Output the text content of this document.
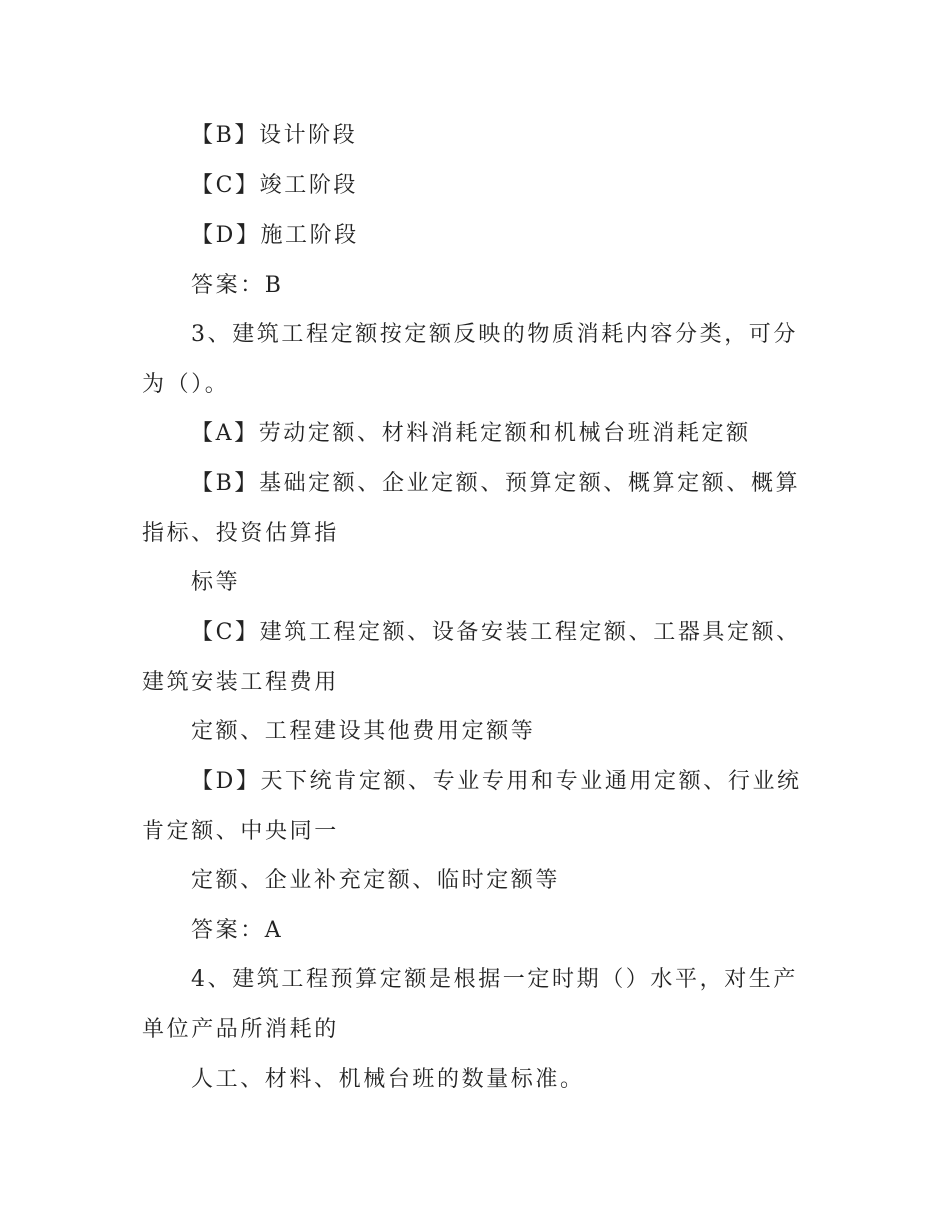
【B】设计阶段
【C】竣工阶段
【D】施工阶段
答案：B
3、建筑工程定额按定额反映的物质消耗内容分类，可分
为（）。
【A】劳动定额、材料消耗定额和机械台班消耗定额
【B】基础定额、企业定额、预算定额、概算定额、概算
指标、投资估算指
标等
【C】建筑工程定额、设备安装工程定额、工器具定额、
建筑安装工程费用
定额、工程建设其他费用定额等
【D】天下统肯定额、专业专用和专业通用定额、行业统
肯定额、中央同一
定额、企业补充定额、临时定额等
答案：A
4、建筑工程预算定额是根据一定时期（）水平，对生产
单位产品所消耗的
人工、材料、机械台班的数量标准。
